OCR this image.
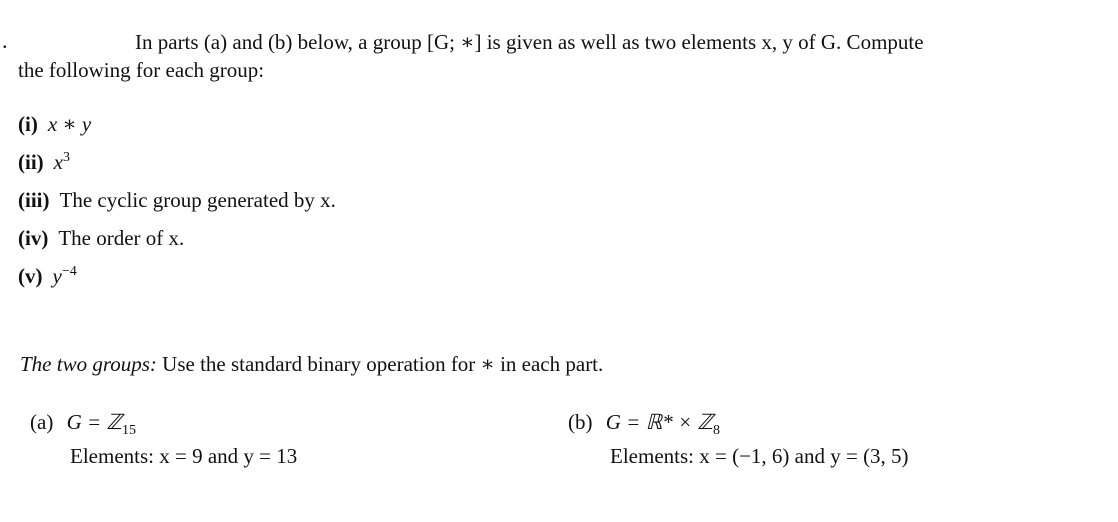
.	In parts (a) and (b) below, a group [G; ∗] is given as well as two elements x, y of G. Compute
the following for each group:
(i) x ∗ y
(ii) $x^3$
(iii) The cyclic group generated by x.
(iv) The order of x.
(v) $y^{-4}$
The two groups: Use the standard binary operation for ∗ in each part.
(a) G = ℤ$_{15}$
Elements: x = 9 and y = 13
(b) G = ℝ* × ℤ$_8$
Elements: x = (−1, 6) and y = (3, 5)
